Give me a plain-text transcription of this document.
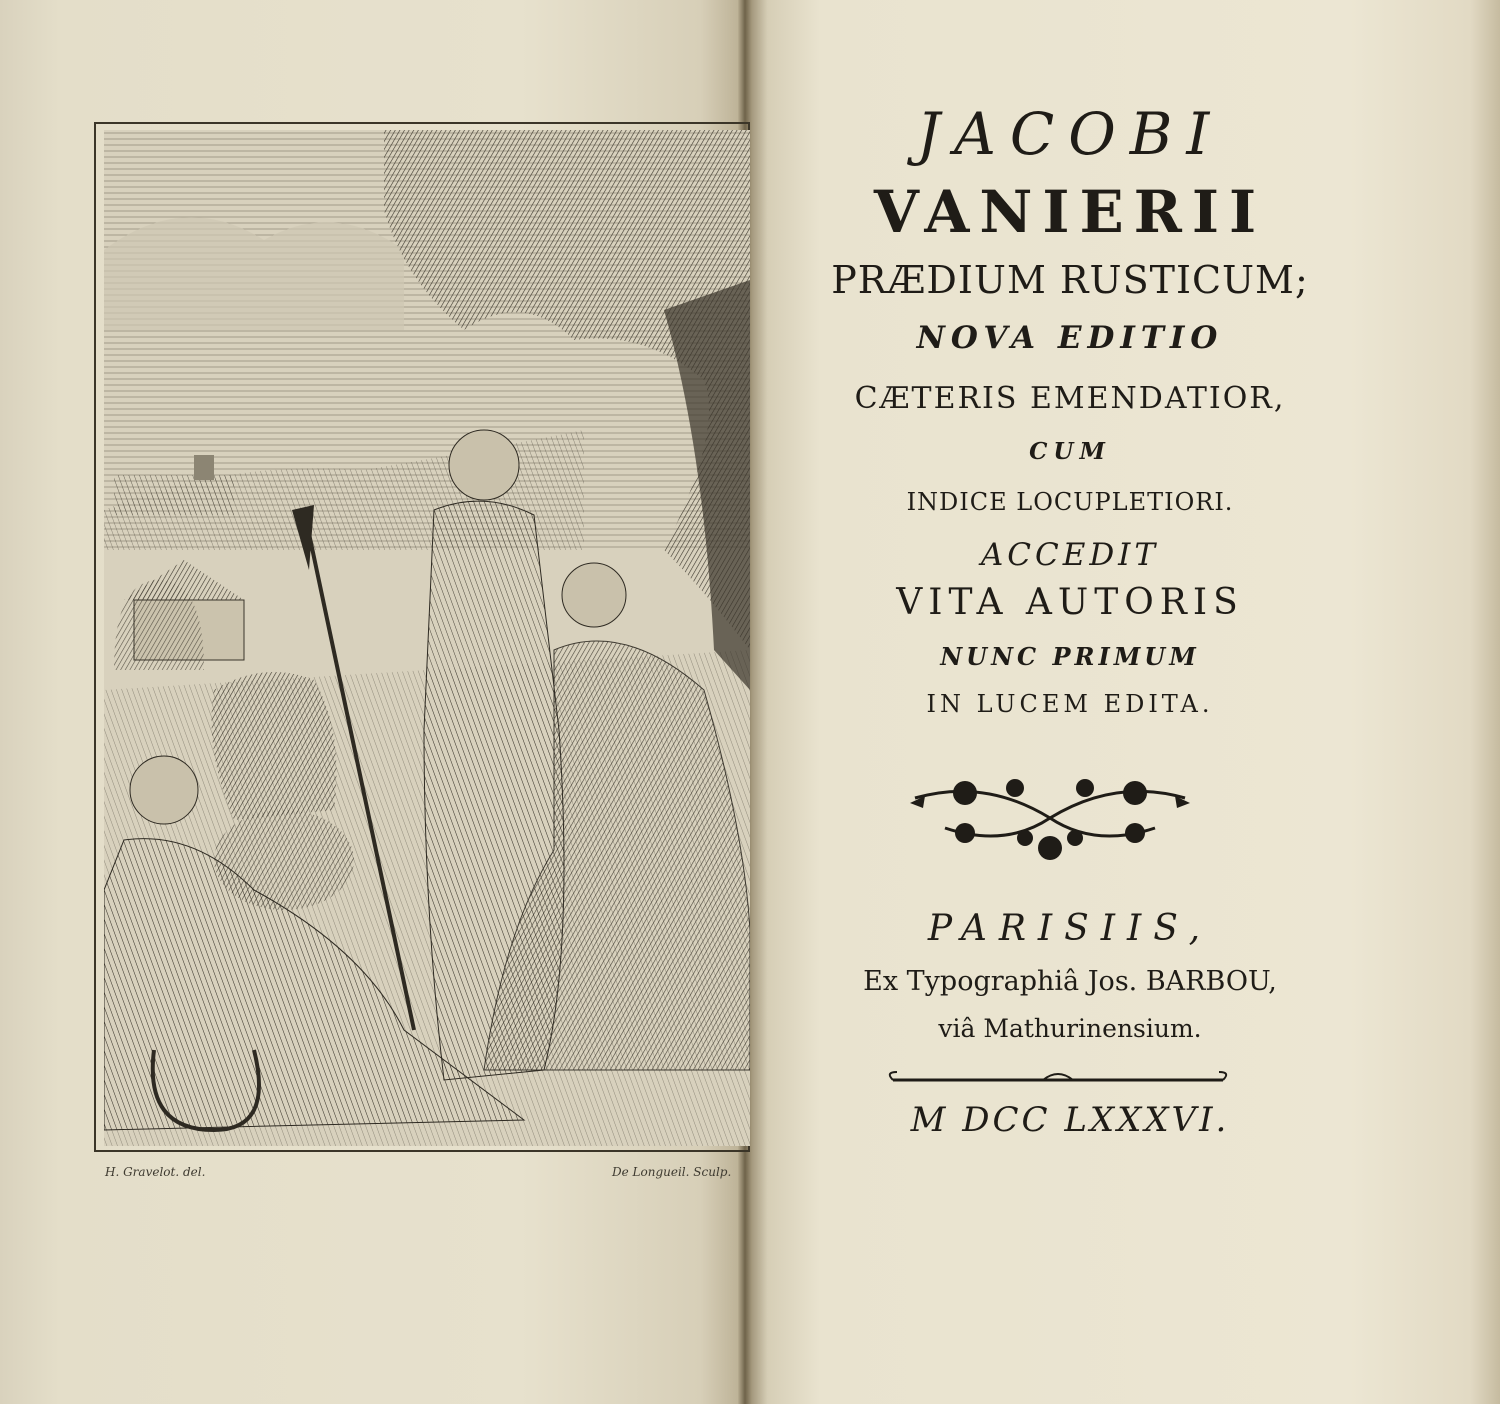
H. Gravelot. del.	De Longueil. Sculp.
JACOBI
VANIERII
PRÆDIUM RUSTICUM;
NOVA EDITIO
CÆTERIS EMENDATIOR,
CUM
INDICE LOCUPLETIORI.
ACCEDIT
VITA AUTORIS
NUNC PRIMUM
IN LUCEM EDITA.
PARISIIS,
Ex Typographiâ Jos. BARBOU,
viâ Mathurinensium.
M DCC LXXXVI.
